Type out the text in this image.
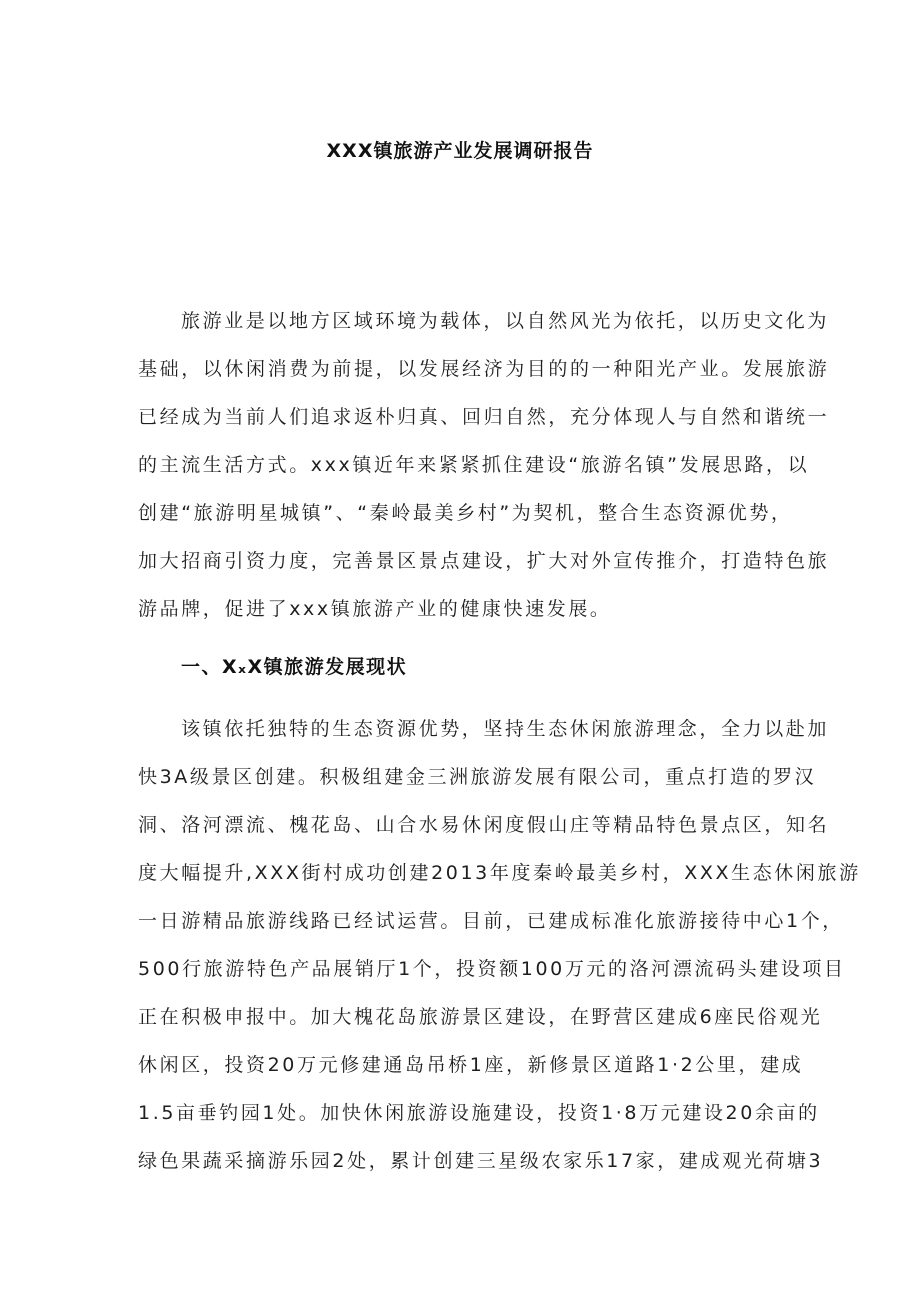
XXX镇旅游产业发展调研报告
旅游业是以地方区域环境为载体，以自然风光为依托，以历史文化为
基础，以休闲消费为前提，以发展经济为目的的一种阳光产业。发展旅游
已经成为当前人们追求返朴归真、回归自然，充分体现人与自然和谐统一
的主流生活方式。xxx镇近年来紧紧抓住建设“旅游名镇”发展思路，以
创建“旅游明星城镇”、“秦岭最美乡村”为契机，整合生态资源优势，
加大招商引资力度，完善景区景点建设，扩大对外宣传推介，打造特色旅
游品牌，促进了xxx镇旅游产业的健康快速发展。
一、XₓX镇旅游发展现状
该镇依托独特的生态资源优势，坚持生态休闲旅游理念，全力以赴加
快3A级景区创建。积极组建金三洲旅游发展有限公司，重点打造的罗汉
洞、洛河漂流、槐花岛、山合水易休闲度假山庄等精品特色景点区，知名
度大幅提升,XXX街村成功创建2013年度秦岭最美乡村，XXX生态休闲旅游
一日游精品旅游线路已经试运营。目前，已建成标准化旅游接待中心1个，
500行旅游特色产品展销厅1个，投资额100万元的洛河漂流码头建设项目
正在积极申报中。加大槐花岛旅游景区建设，在野营区建成6座民俗观光
休闲区，投资20万元修建通岛吊桥1座，新修景区道路1·2公里，建成
1.5亩垂钓园1处。加快休闲旅游设施建设，投资1·8万元建设20余亩的
绿色果蔬采摘游乐园2处，累计创建三星级农家乐17家，建成观光荷塘3
